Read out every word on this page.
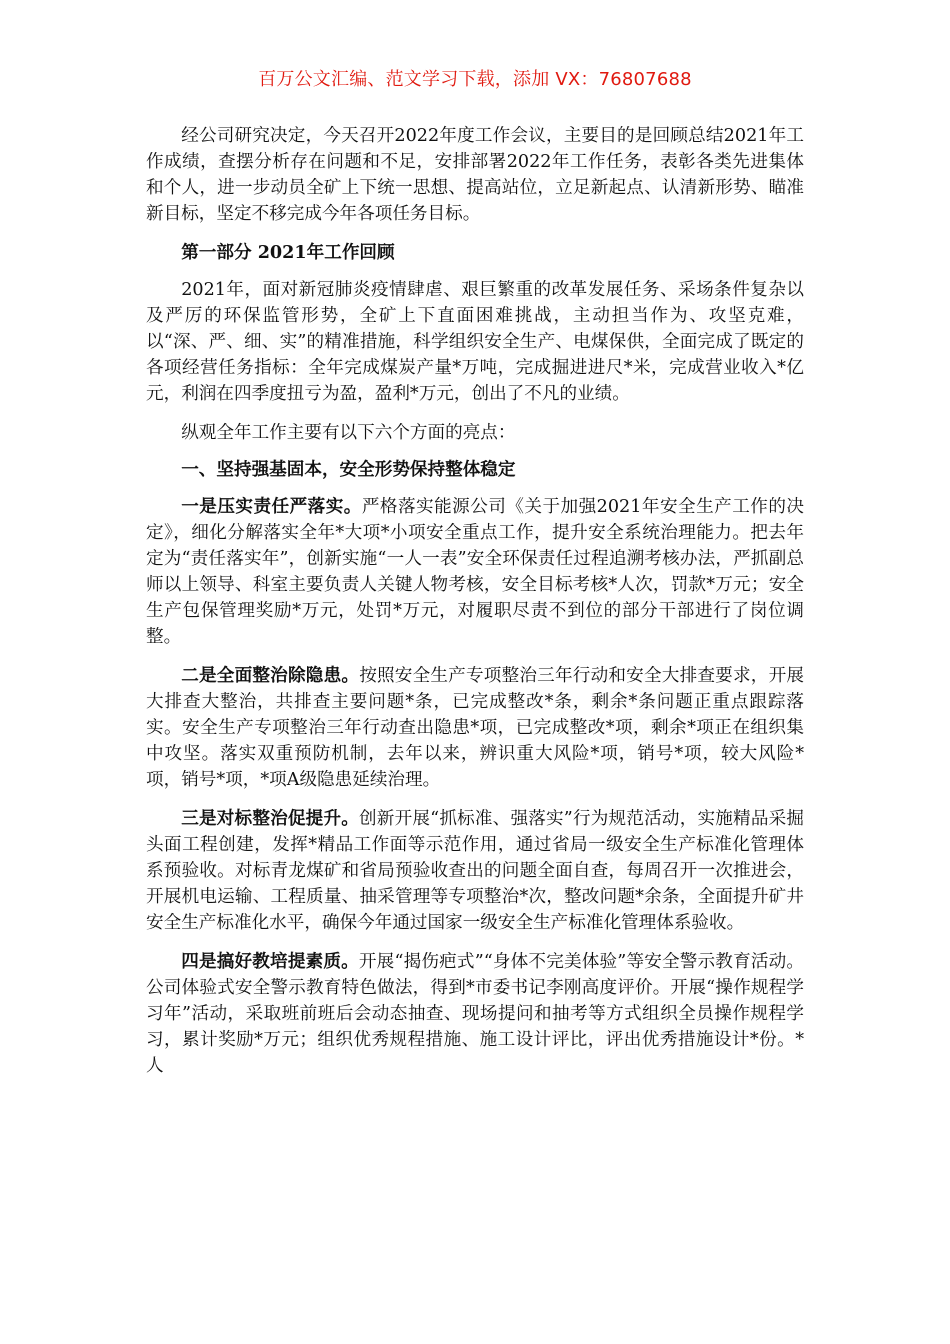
百万公文汇编、范文学习下载，添加 VX：76807688

经公司研究决定，今天召开2022年度工作会议，主要目的是回顾总结2021年工作成绩，查摆分析存在问题和不足，安排部署2022年工作任务，表彰各类先进集体和个人，进一步动员全矿上下统一思想、提高站位，立足新起点、认清新形势、瞄准新目标，坚定不移完成今年各项任务目标。

第一部分 2021年工作回顾

2021年，面对新冠肺炎疫情肆虐、艰巨繁重的改革发展任务、采场条件复杂以及严厉的环保监管形势，全矿上下直面困难挑战，主动担当作为、攻坚克难，以“深、严、细、实”的精准措施，科学组织安全生产、电煤保供，全面完成了既定的各项经营任务指标：全年完成煤炭产量*万吨，完成掘进进尺*米，完成营业收入*亿元，利润在四季度扭亏为盈，盈利*万元，创出了不凡的业绩。

纵观全年工作主要有以下六个方面的亮点：

一、坚持强基固本，安全形势保持整体稳定

一是压实责任严落实。严格落实能源公司《关于加强2021年安全生产工作的决定》，细化分解落实全年*大项*小项安全重点工作，提升安全系统治理能力。把去年定为“责任落实年”，创新实施“一人一表”安全环保责任过程追溯考核办法，严抓副总师以上领导、科室主要负责人关键人物考核，安全目标考核*人次，罚款*万元；安全生产包保管理奖励*万元，处罚*万元，对履职尽责不到位的部分干部进行了岗位调整。

二是全面整治除隐患。按照安全生产专项整治三年行动和安全大排查要求，开展大排查大整治，共排查主要问题*条，已完成整改*条，剩余*条问题正重点跟踪落实。安全生产专项整治三年行动查出隐患*项，已完成整改*项，剩余*项正在组织集中攻坚。落实双重预防机制，去年以来，辨识重大风险*项，销号*项，较大风险*项，销号*项，*项A级隐患延续治理。

三是对标整治促提升。创新开展“抓标准、强落实”行为规范活动，实施精品采掘头面工程创建，发挥*精品工作面等示范作用，通过省局一级安全生产标准化管理体系预验收。对标青龙煤矿和省局预验收查出的问题全面自查，每周召开一次推进会，开展机电运输、工程质量、抽采管理等专项整治*次，整改问题*余条，全面提升矿井安全生产标准化水平，确保今年通过国家一级安全生产标准化管理体系验收。

四是搞好教培提素质。开展“揭伤疤式”“身体不完美体验”等安全警示教育活动。公司体验式安全警示教育特色做法，得到*市委书记李刚高度评价。开展“操作规程学习年”活动，采取班前班后会动态抽查、现场提问和抽考等方式组织全员操作规程学习，累计奖励*万元；组织优秀规程措施、施工设计评比，评出优秀措施设计*份。*人
